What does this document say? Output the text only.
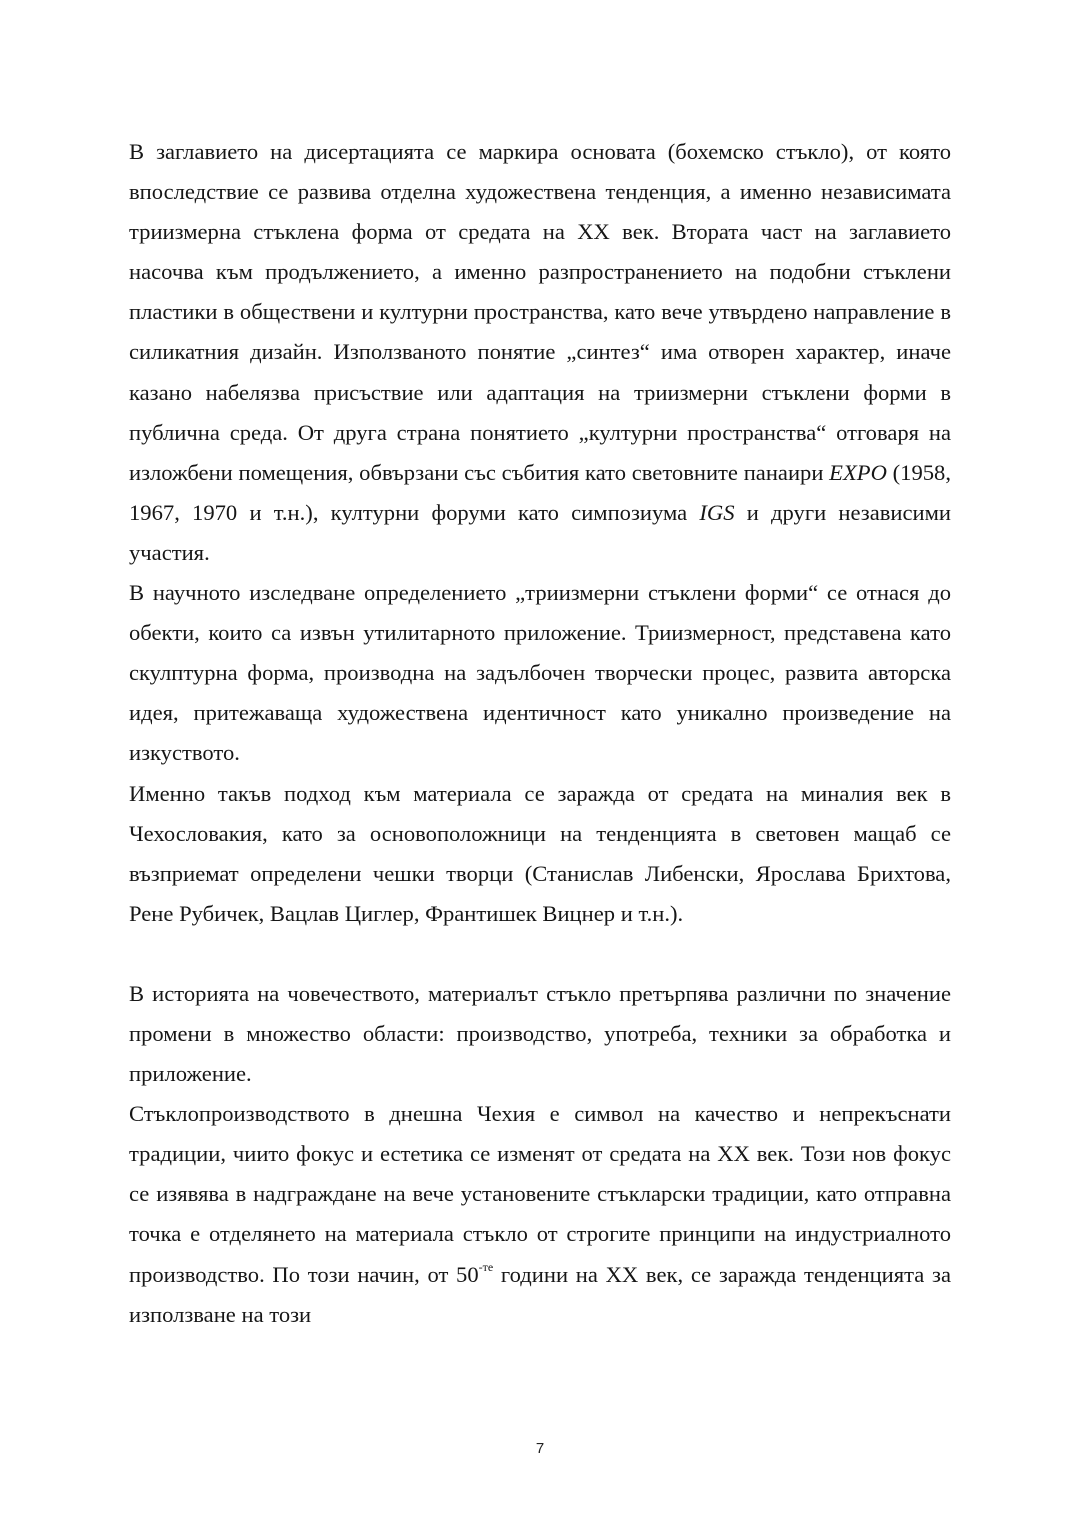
В заглавието на дисертацията се маркира основата (бохемско стъкло), от която впоследствие се развива отделна художествена тенденция, а именно независимата триизмерна стъклена форма от средата на XX век. Втората част на заглавието насочва към продължението, а именно разпространението на подобни стъклени пластики в обществени и културни пространства, като вече утвърдено направление в силикатния дизайн. Използваното понятие „синтез“ има отворен характер, иначе казано набелязва присъствие или адаптация на триизмерни стъклени форми в публична среда. От друга страна понятието „културни пространства“ отговаря на изложбени помещения, обвързани със събития като световните панаири EXPO (1958, 1967, 1970 и т.н.), културни форуми като симпозиума IGS и други независими участия.

В научното изследване определението „триизмерни стъклени форми“ се отнася до обекти, които са извън утилитарното приложение. Триизмерност, представена като скулптурна форма, производна на задълбочен творчески процес, развита авторска идея, притежаваща художествена идентичност като уникално произведение на изкуството.

Именно такъв подход към материала се заражда от средата на миналия век в Чехословакия, като за основоположници на тенденцията в световен мащаб се възприемат определени чешки творци (Станислав Либенски, Ярослава Брихтова, Рене Рубичек, Вацлав Циглер, Франтишек Вицнер и т.н.).

В историята на човечеството, материалът стъкло претърпява различни по значение промени в множество области: производство, употреба, техники за обработка и приложение.

Стъклопроизводството в днешна Чехия е символ на качество и непрекъснати традиции, чиито фокус и естетика се изменят от средата на XX век. Този нов фокус се изявява в надграждане на вече установените стъкларски традиции, като отправна точка е отделянето на материала стъкло от строгите принципи на индустриалното производство. По този начин, от $50^{-те}$ години на XX век, се заражда тенденцията за използване на този

7
